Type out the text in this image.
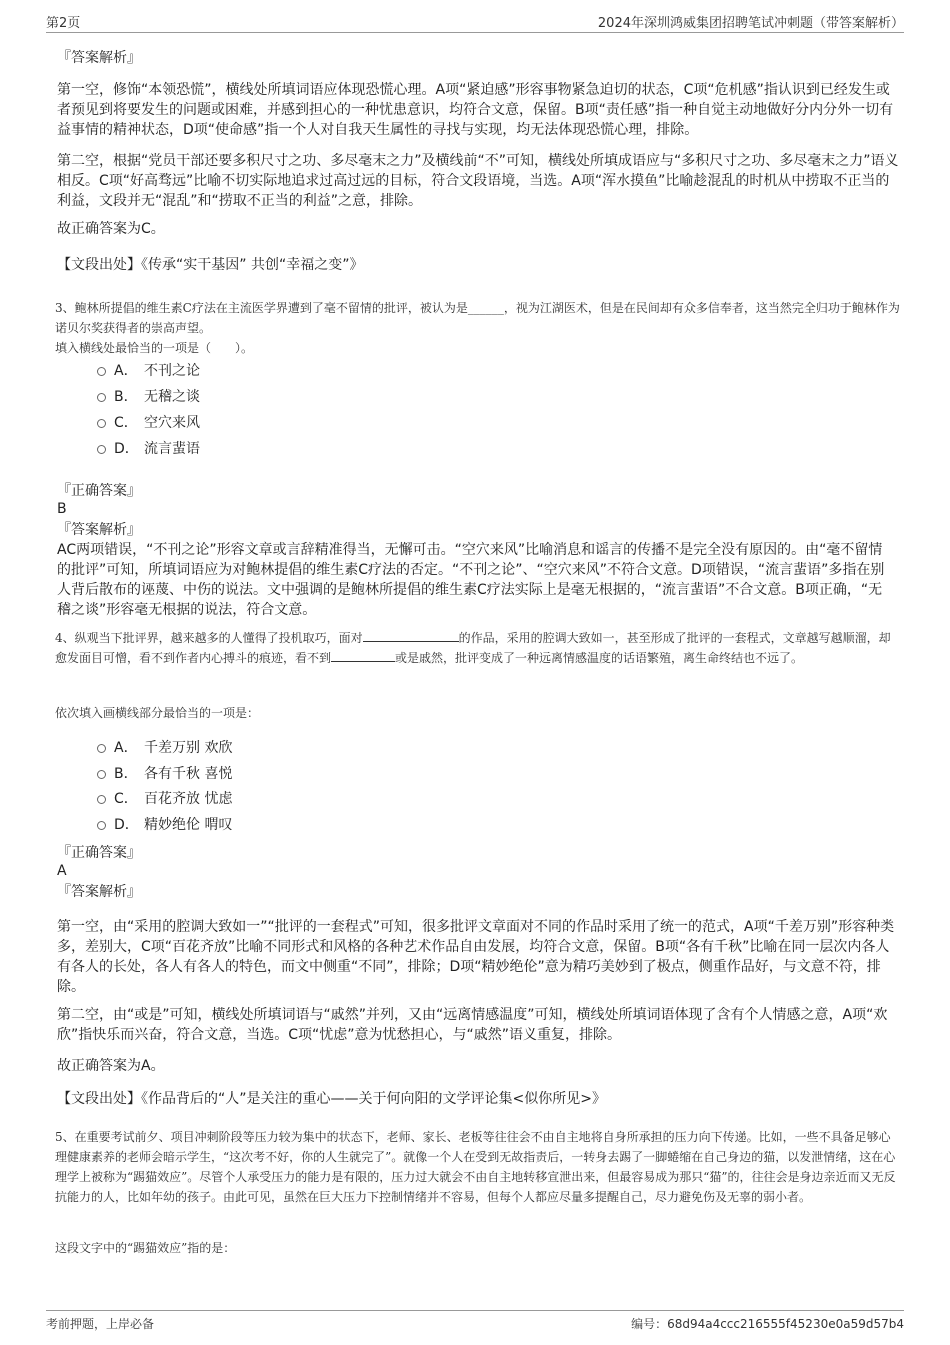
第2页	2024年深圳鸿威集团招聘笔试冲刺题（带答案解析）
『答案解析』

第一空，修饰“本领恐慌”，横线处所填词语应体现恐慌心理。A项“紧迫感”形容事物紧急迫切的状态，C项“危机感”指认识到已经发生或者预见到将要发生的问题或困难，并感到担心的一种忧患意识，均符合文意，保留。B项“责任感”指一种自觉主动地做好分内分外一切有益事情的精神状态，D项“使命感”指一个人对自我天生属性的寻找与实现，均无法体现恐慌心理，排除。

第二空，根据“党员干部还要多积尺寸之功、多尽毫末之力”及横线前“不”可知，横线处所填成语应与“多积尺寸之功、多尽毫末之力”语义相反。C项“好高骛远”比喻不切实际地追求过高过远的目标，符合文段语境，当选。A项“浑水摸鱼”比喻趁混乱的时机从中捞取不正当的利益，文段并无“混乱”和“捞取不正当的利益”之意，排除。

故正确答案为C。

【文段出处】《传承“实干基因” 共创“幸福之变”》

3、鲍林所提倡的维生素C疗法在主流医学界遭到了毫不留情的批评，被认为是______，视为江湖医术，但是在民间却有众多信奉者，这当然完全归功于鲍林作为诺贝尔奖获得者的崇高声望。

填入横线处最恰当的一项是（　　）。

A． 不刊之论
B． 无稽之谈
C． 空穴来风
D． 流言蜚语
『正确答案』
B
『答案解析』

AC两项错误，“不刊之论”形容文章或言辞精准得当，无懈可击。“空穴来风”比喻消息和谣言的传播不是完全没有原因的。由“毫不留情的批评”可知，所填词语应为对鲍林提倡的维生素C疗法的否定。“不刊之论”、“空穴来风”不符合文意。D项错误，“流言蜚语”多指在别人背后散布的诬蔑、中伤的说法。文中强调的是鲍林所提倡的维生素C疗法实际上是毫无根据的，“流言蜚语”不合文意。B项正确，“无稽之谈”形容毫无根据的说法，符合文意。

4、纵观当下批评界，越来越多的人懂得了投机取巧，面对	的作品，采用的腔调大致如一，甚至形成了批评的一套程式，文章越写越顺溜，却愈发面目可憎，看不到作者内心搏斗的痕迹，看不到	或是戚然，批评变成了一种远离情感温度的话语繁殖，离生命终结也不远了。

依次填入画横线部分最恰当的一项是：

A． 千差万别 欢欣
B． 各有千秋 喜悦
C． 百花齐放 忧虑
D． 精妙绝伦 喟叹
『正确答案』
A
『答案解析』

第一空，由“采用的腔调大致如一”“批评的一套程式”可知，很多批评文章面对不同的作品时采用了统一的范式，A项“千差万别”形容种类多，差别大，C项“百花齐放”比喻不同形式和风格的各种艺术作品自由发展，均符合文意，保留。B项“各有千秋”比喻在同一层次内各人有各人的长处，各人有各人的特色，而文中侧重“不同”，排除；D项“精妙绝伦”意为精巧美妙到了极点，侧重作品好，与文意不符，排除。

第二空，由“或是”可知，横线处所填词语与“戚然”并列，又由“远离情感温度”可知，横线处所填词语体现了含有个人情感之意，A项“欢欣”指快乐而兴奋，符合文意，当选。C项“忧虑”意为忧愁担心，与“戚然”语义重复，排除。

故正确答案为A。

【文段出处】《作品背后的“人”是关注的重心——关于何向阳的文学评论集<似你所见>》

5、在重要考试前夕、项目冲刺阶段等压力较为集中的状态下，老师、家长、老板等往往会不由自主地将自身所承担的压力向下传递。比如，一些不具备足够心理健康素养的老师会暗示学生，“这次考不好，你的人生就完了”。就像一个人在受到无故指责后，一转身去踢了一脚蜷缩在自己身边的猫，以发泄情绪，这在心理学上被称为“踢猫效应”。尽管个人承受压力的能力是有限的，压力过大就会不由自主地转移宣泄出来，但最容易成为那只“猫”的，往往会是身边亲近而又无反抗能力的人，比如年幼的孩子。由此可见，虽然在巨大压力下控制情绪并不容易，但每个人都应尽量多提醒自己，尽力避免伤及无辜的弱小者。

这段文字中的“踢猫效应”指的是：

考前押题，上岸必备	编号：68d94a4ccc216555f45230e0a59d57b4
